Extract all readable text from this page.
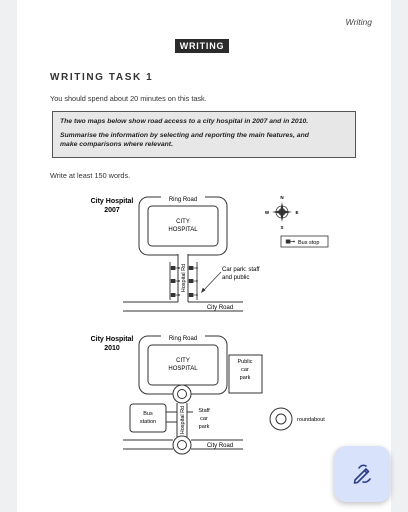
Writing
WRITING
WRITING TASK 1
You should spend about 20 minutes on this task.

The two maps below show road access to a city hospital in 2007 and in 2010.

Summarise the information by selecting and reporting the main features, and
make comparisons where relevant.

Write at least 150 words.
City Hospital
2007
Ring Road
CITY
HOSPITAL
Hospital Rd	Car park: staff
and public
City Road
N
S
E
W
Bus stop
City Hospital
2010
Public
car
park
Ring Road
CITY
HOSPITAL
Bus
station	Hospital Rd Staff
car
park
City Road
roundabout
